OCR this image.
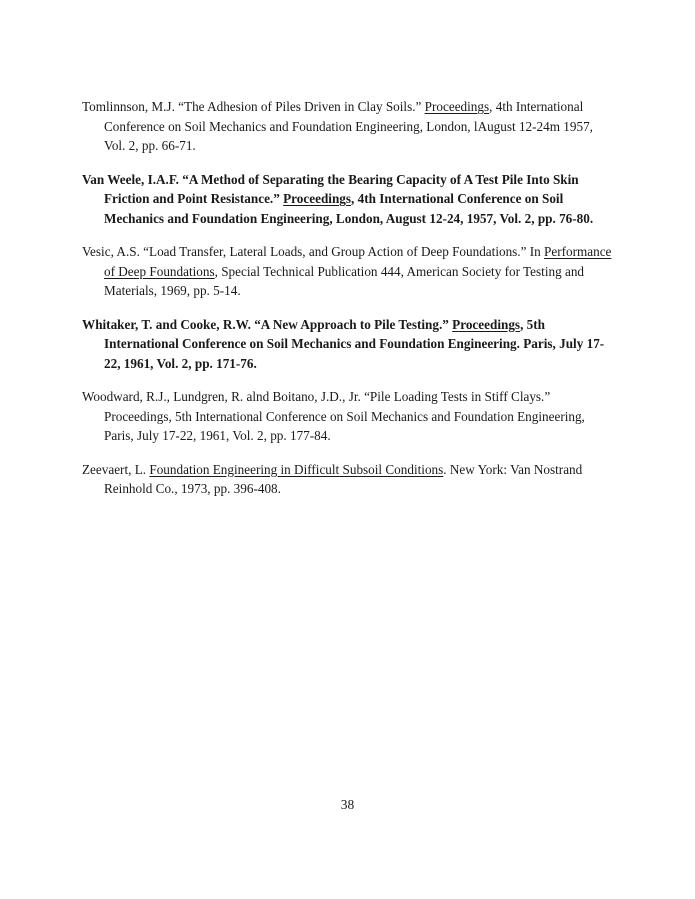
Tomlinnson, M.J. “The Adhesion of Piles Driven in Clay Soils.” Proceedings, 4th International Conference on Soil Mechanics and Foundation Engineering, London, lAugust 12-24m 1957, Vol. 2, pp. 66-71.

Van Weele, I.A.F. “A Method of Separating the Bearing Capacity of A Test Pile Into Skin Friction and Point Resistance.” Proceedings, 4th International Conference on Soil Mechanics and Foundation Engineering, London, August 12-24, 1957, Vol. 2, pp. 76-80.

Vesic, A.S. “Load Transfer, Lateral Loads, and Group Action of Deep Foundations.” In Performance of Deep Foundations, Special Technical Publication 444, American Society for Testing and Materials, 1969, pp. 5-14.

Whitaker, T. and Cooke, R.W. “A New Approach to Pile Testing.” Proceedings, 5th International Conference on Soil Mechanics and Foundation Engineering. Paris, July 17-22, 1961, Vol. 2, pp. 171-76.

Woodward, R.J., Lundgren, R. alnd Boitano, J.D., Jr. “Pile Loading Tests in Stiff Clays.” Proceedings, 5th International Conference on Soil Mechanics and Foundation Engineering, Paris, July 17-22, 1961, Vol. 2, pp. 177-84.

Zeevaert, L. Foundation Engineering in Difficult Subsoil Conditions. New York: Van Nostrand Reinhold Co., 1973, pp. 396-408.

38
